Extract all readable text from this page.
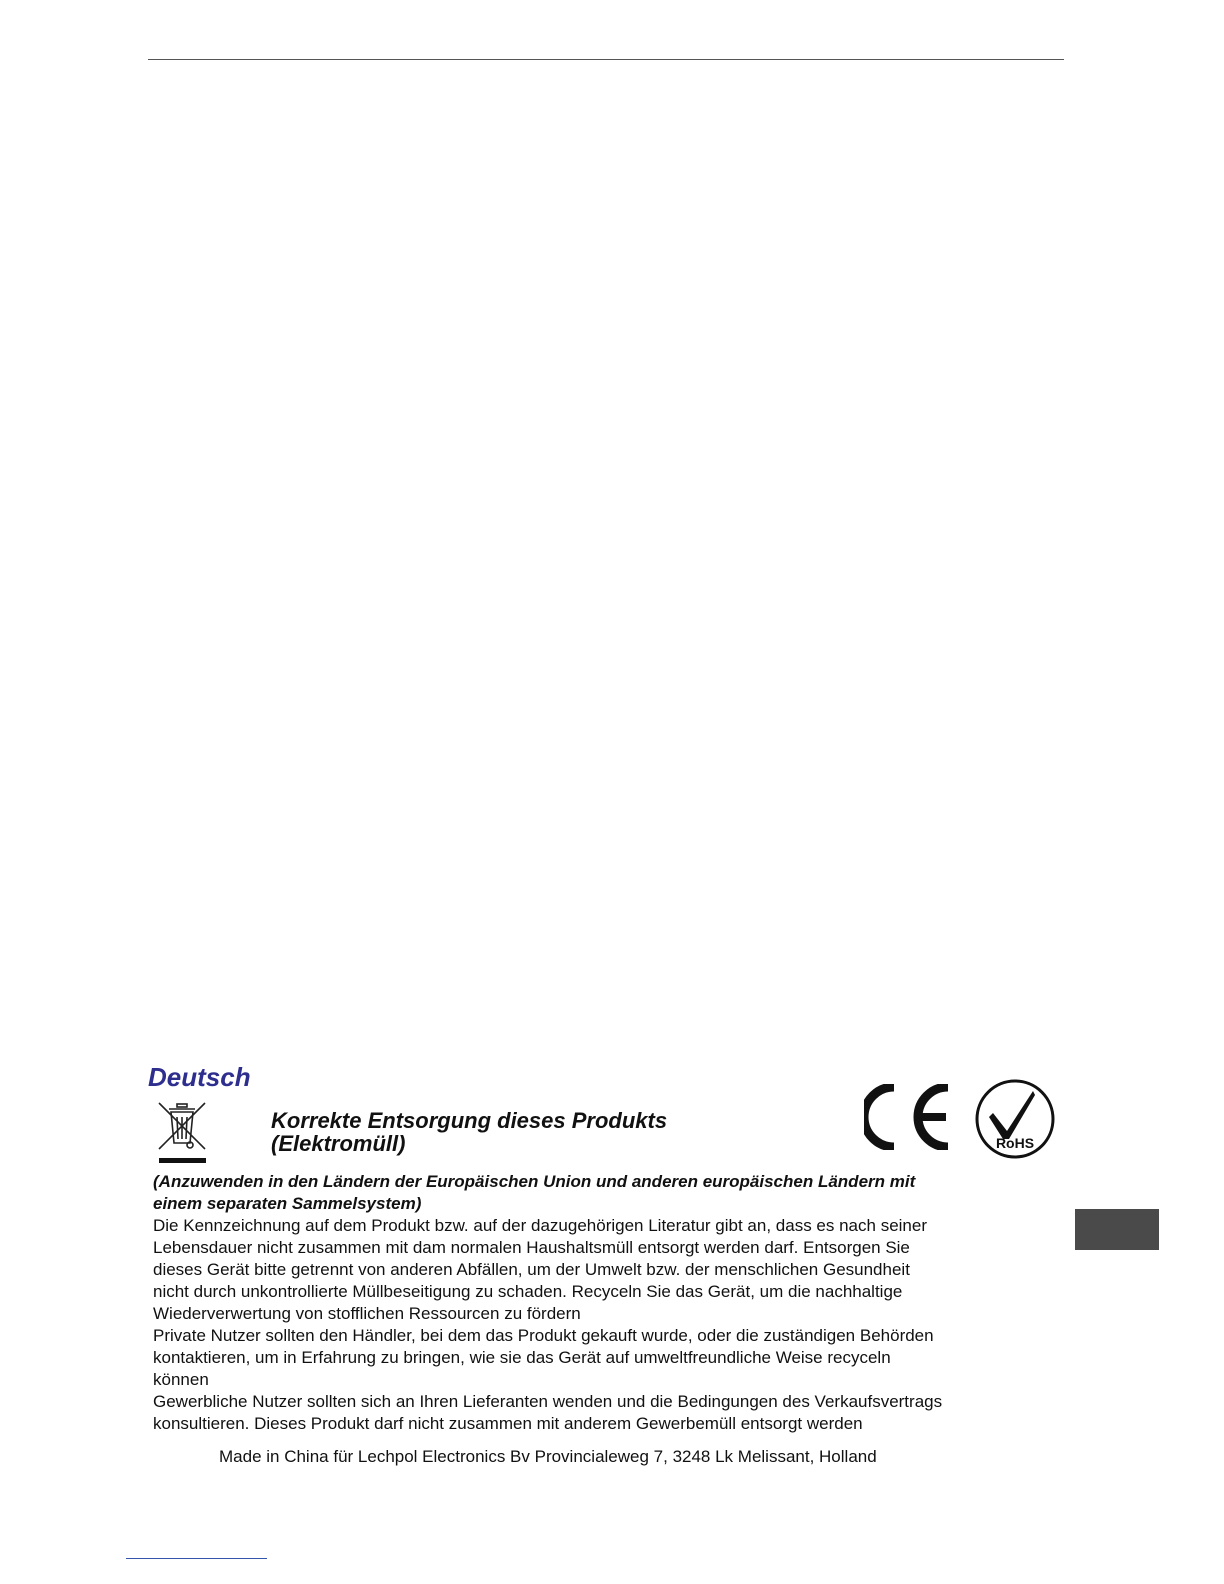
Deutsch
Korrekte Entsorgung dieses Produkts
(Elektromüll)	RoHS

(Anzuwenden in den Ländern der Europäischen Union und anderen europäischen Ländern mit

einem separaten Sammelsystem)

Die Kennzeichnung auf dem Produkt bzw. auf der dazugehörigen Literatur gibt an, dass es nach seiner

Lebensdauer nicht zusammen mit dam normalen Haushaltsmüll entsorgt werden darf. Entsorgen Sie

dieses Gerät bitte getrennt von anderen Abfällen, um der Umwelt bzw. der menschlichen Gesundheit

nicht durch unkontrollierte Müllbeseitigung zu schaden. Recyceln Sie das Gerät, um die nachhaltige

Wiederverwertung von stofflichen Ressourcen zu fördern

Private Nutzer sollten den Händler, bei dem das Produkt gekauft wurde, oder die zuständigen Behörden

kontaktieren, um in Erfahrung zu bringen, wie sie das Gerät auf umweltfreundliche Weise recyceln

können

Gewerbliche Nutzer sollten sich an Ihren Lieferanten wenden und die Bedingungen des Verkaufsvertrags

konsultieren. Dieses Produkt darf nicht zusammen mit anderem Gewerbemüll entsorgt werden

Made in China für Lechpol Electronics Bv Provincialeweg 7, 3248 Lk Melissant, Holland
